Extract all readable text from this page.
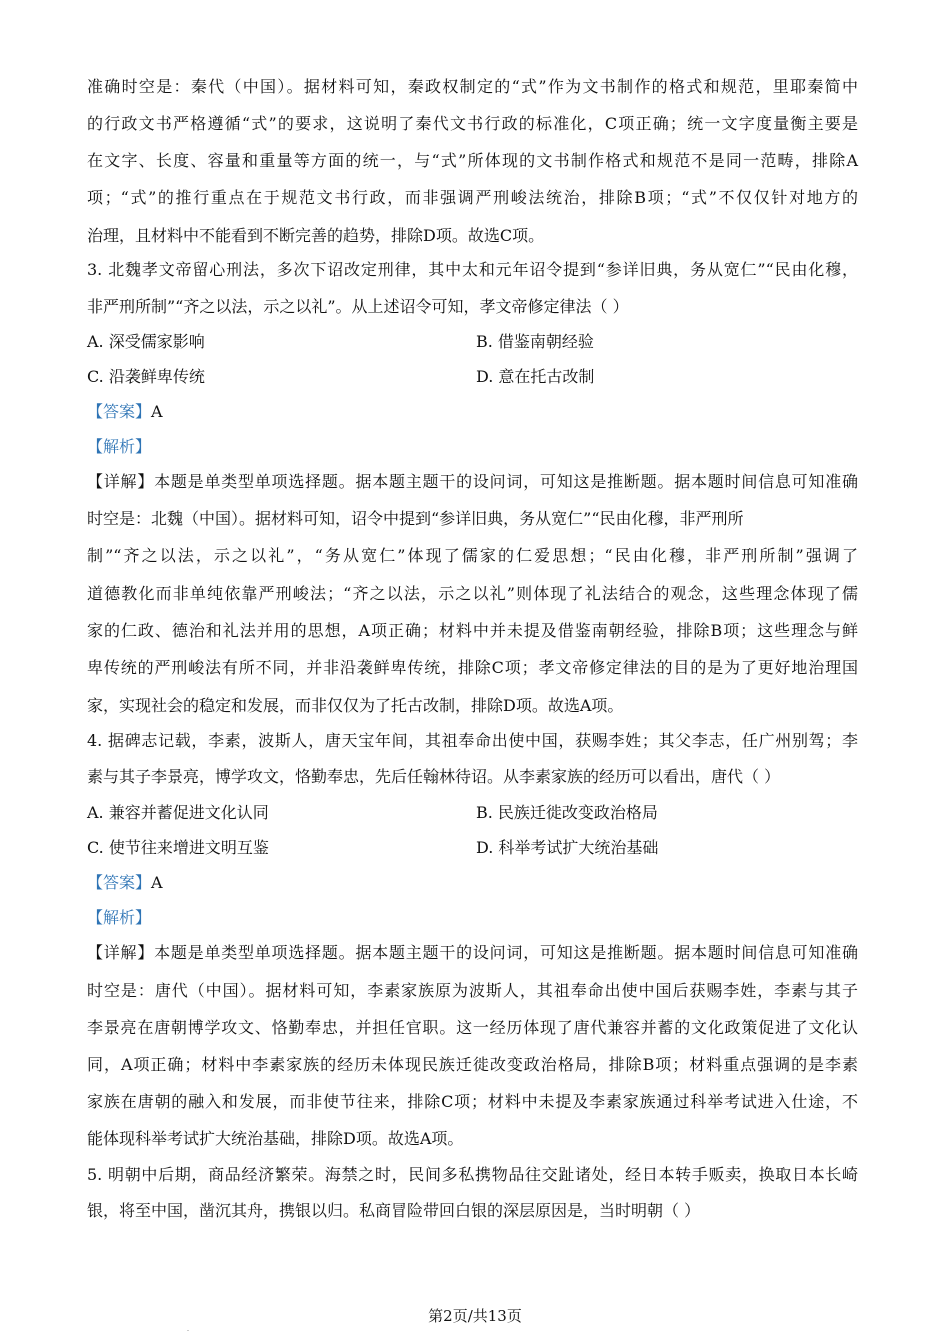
准确时空是：秦代（中国）。据材料可知，秦政权制定的“式”作为文书制作的格式和规范，里耶秦简中
的行政文书严格遵循“式”的要求，这说明了秦代文书行政的标准化，C项正确；统一文字度量衡主要是
在文字、长度、容量和重量等方面的统一，与“式”所体现的文书制作格式和规范不是同一范畴，排除A
项；“式”的推行重点在于规范文书行政，而非强调严刑峻法统治，排除B项；“式”不仅仅针对地方的
治理，且材料中不能看到不断完善的趋势，排除D项。故选C项。
3. 北魏孝文帝留心刑法，多次下诏改定刑律，其中太和元年诏令提到“参详旧典，务从宽仁”“民由化穆，
非严刑所制”“齐之以法，示之以礼”。从上述诏令可知，孝文帝修定律法（ ）
A. 深受儒家影响	B. 借鉴南朝经验
C. 沿袭鲜卑传统	D. 意在托古改制
【答案】A
【解析】
【详解】本题是单类型单项选择题。据本题主题干的设问词，可知这是推断题。据本题时间信息可知准确
时空是：北魏（中国）。据材料可知，诏令中提到“参详旧典，务从宽仁”“民由化穆，非严刑所
制”“齐之以法，示之以礼”，“务从宽仁”体现了儒家的仁爱思想；“民由化穆，非严刑所制”强调了
道德教化而非单纯依靠严刑峻法；“齐之以法，示之以礼”则体现了礼法结合的观念，这些理念体现了儒
家的仁政、德治和礼法并用的思想，A项正确；材料中并未提及借鉴南朝经验，排除B项；这些理念与鲜
卑传统的严刑峻法有所不同，并非沿袭鲜卑传统，排除C项；孝文帝修定律法的目的是为了更好地治理国
家，实现社会的稳定和发展，而非仅仅为了托古改制，排除D项。故选A项。
4. 据碑志记载，李素，波斯人，唐天宝年间，其祖奉命出使中国，获赐李姓；其父李志，任广州别驾；李
素与其子李景亮，博学攻文，恪勤奉忠，先后任翰林待诏。从李素家族的经历可以看出，唐代（ ）
A. 兼容并蓄促进文化认同	B. 民族迁徙改变政治格局
C. 使节往来增进文明互鉴	D. 科举考试扩大统治基础
【答案】A
【解析】
【详解】本题是单类型单项选择题。据本题主题干的设问词，可知这是推断题。据本题时间信息可知准确
时空是：唐代（中国）。据材料可知，李素家族原为波斯人，其祖奉命出使中国后获赐李姓，李素与其子
李景亮在唐朝博学攻文、恪勤奉忠，并担任官职。这一经历体现了唐代兼容并蓄的文化政策促进了文化认
同，A项正确；材料中李素家族的经历未体现民族迁徙改变政治格局，排除B项；材料重点强调的是李素
家族在唐朝的融入和发展，而非使节往来，排除C项；材料中未提及李素家族通过科举考试进入仕途，不
能体现科举考试扩大统治基础，排除D项。故选A项。
5. 明朝中后期，商品经济繁荣。海禁之时，民间多私携物品往交趾诸处，经日本转手贩卖，换取日本长崎
银，将至中国，凿沉其舟，携银以归。私商冒险带回白银的深层原因是，当时明朝（ ）
第2页/共13页
